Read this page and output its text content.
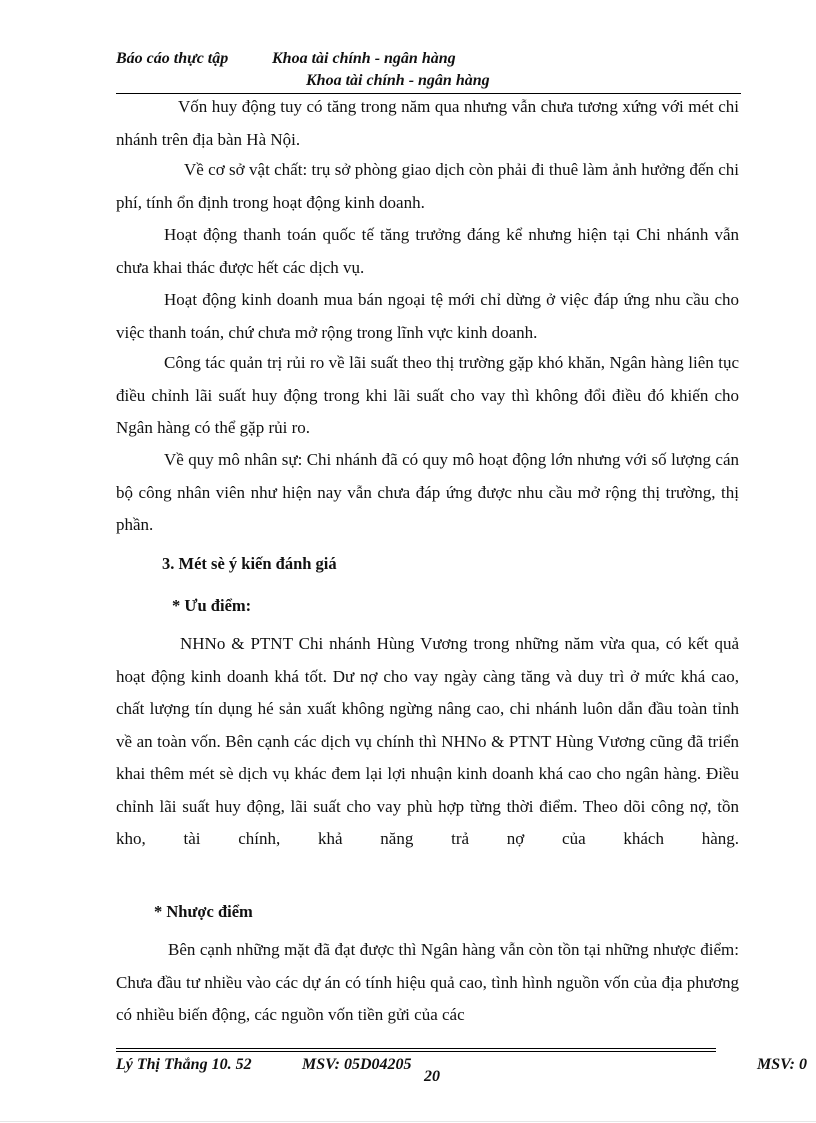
Báo cáo thực tập	Khoa tài chính - ngân hàng
Khoa tài chính - ngân hàng

Vốn huy động tuy có tăng trong năm qua nhưng vẫn chưa tương xứng với mét chi nhánh trên địa bàn Hà Nội.

Về cơ sở vật chất: trụ sở phòng giao dịch còn phải đi thuê làm ảnh hưởng đến chi phí, tính ổn định trong hoạt động kinh doanh.

Hoạt động thanh toán quốc tế tăng trưởng đáng kể nhưng hiện tại Chi nhánh vẫn chưa khai thác được hết các dịch vụ.

Hoạt động kinh doanh mua bán ngoại tệ mới chỉ dừng ở việc đáp ứng nhu cầu cho việc thanh toán, chứ chưa mở rộng trong lĩnh vực kinh doanh.

Công tác quản trị rủi ro về lãi suất theo thị trường gặp khó khăn, Ngân hàng liên tục điều chỉnh lãi suất huy động trong khi lãi suất cho vay thì không đổi điều đó khiến cho Ngân hàng có thể gặp rủi ro.

Về quy mô nhân sự: Chi nhánh đã có quy mô hoạt động lớn nhưng với số lượng cán bộ công nhân viên như hiện nay vẫn chưa đáp ứng được nhu cầu mở rộng thị trường, thị phần.

3. Mét sè ý kiến đánh giá
* Ưu điểm:

NHNo & PTNT Chi nhánh Hùng Vương trong những năm vừa qua, có kết quả hoạt động kinh doanh khá tốt. Dư nợ cho vay ngày càng tăng và duy trì ở mức khá cao, chất lượng tín dụng hé sản xuất không ngừng nâng cao, chi nhánh luôn dẫn đầu toàn tỉnh về an toàn vốn. Bên cạnh các dịch vụ chính thì NHNo & PTNT Hùng Vương cũng đã triển khai thêm mét sè dịch vụ khác đem lại lợi nhuận kinh doanh khá cao cho ngân hàng. Điều chỉnh lãi suất huy động, lãi suất cho vay phù hợp từng thời điểm. Theo dõi công nợ, tồn kho, tài chính, khả năng trả nợ của khách hàng.

* Nhược điểm

Bên cạnh những mặt đã đạt được thì Ngân hàng vẫn còn tồn tại những nhược điểm: Chưa đầu tư nhiều vào các dự án có tính hiệu quả cao, tình hình nguồn vốn của địa phương có nhiều biến động, các nguồn vốn tiền gửi của các

Lý Thị Thắng 10. 52	MSV: 05D04205
20
MSV: 0
